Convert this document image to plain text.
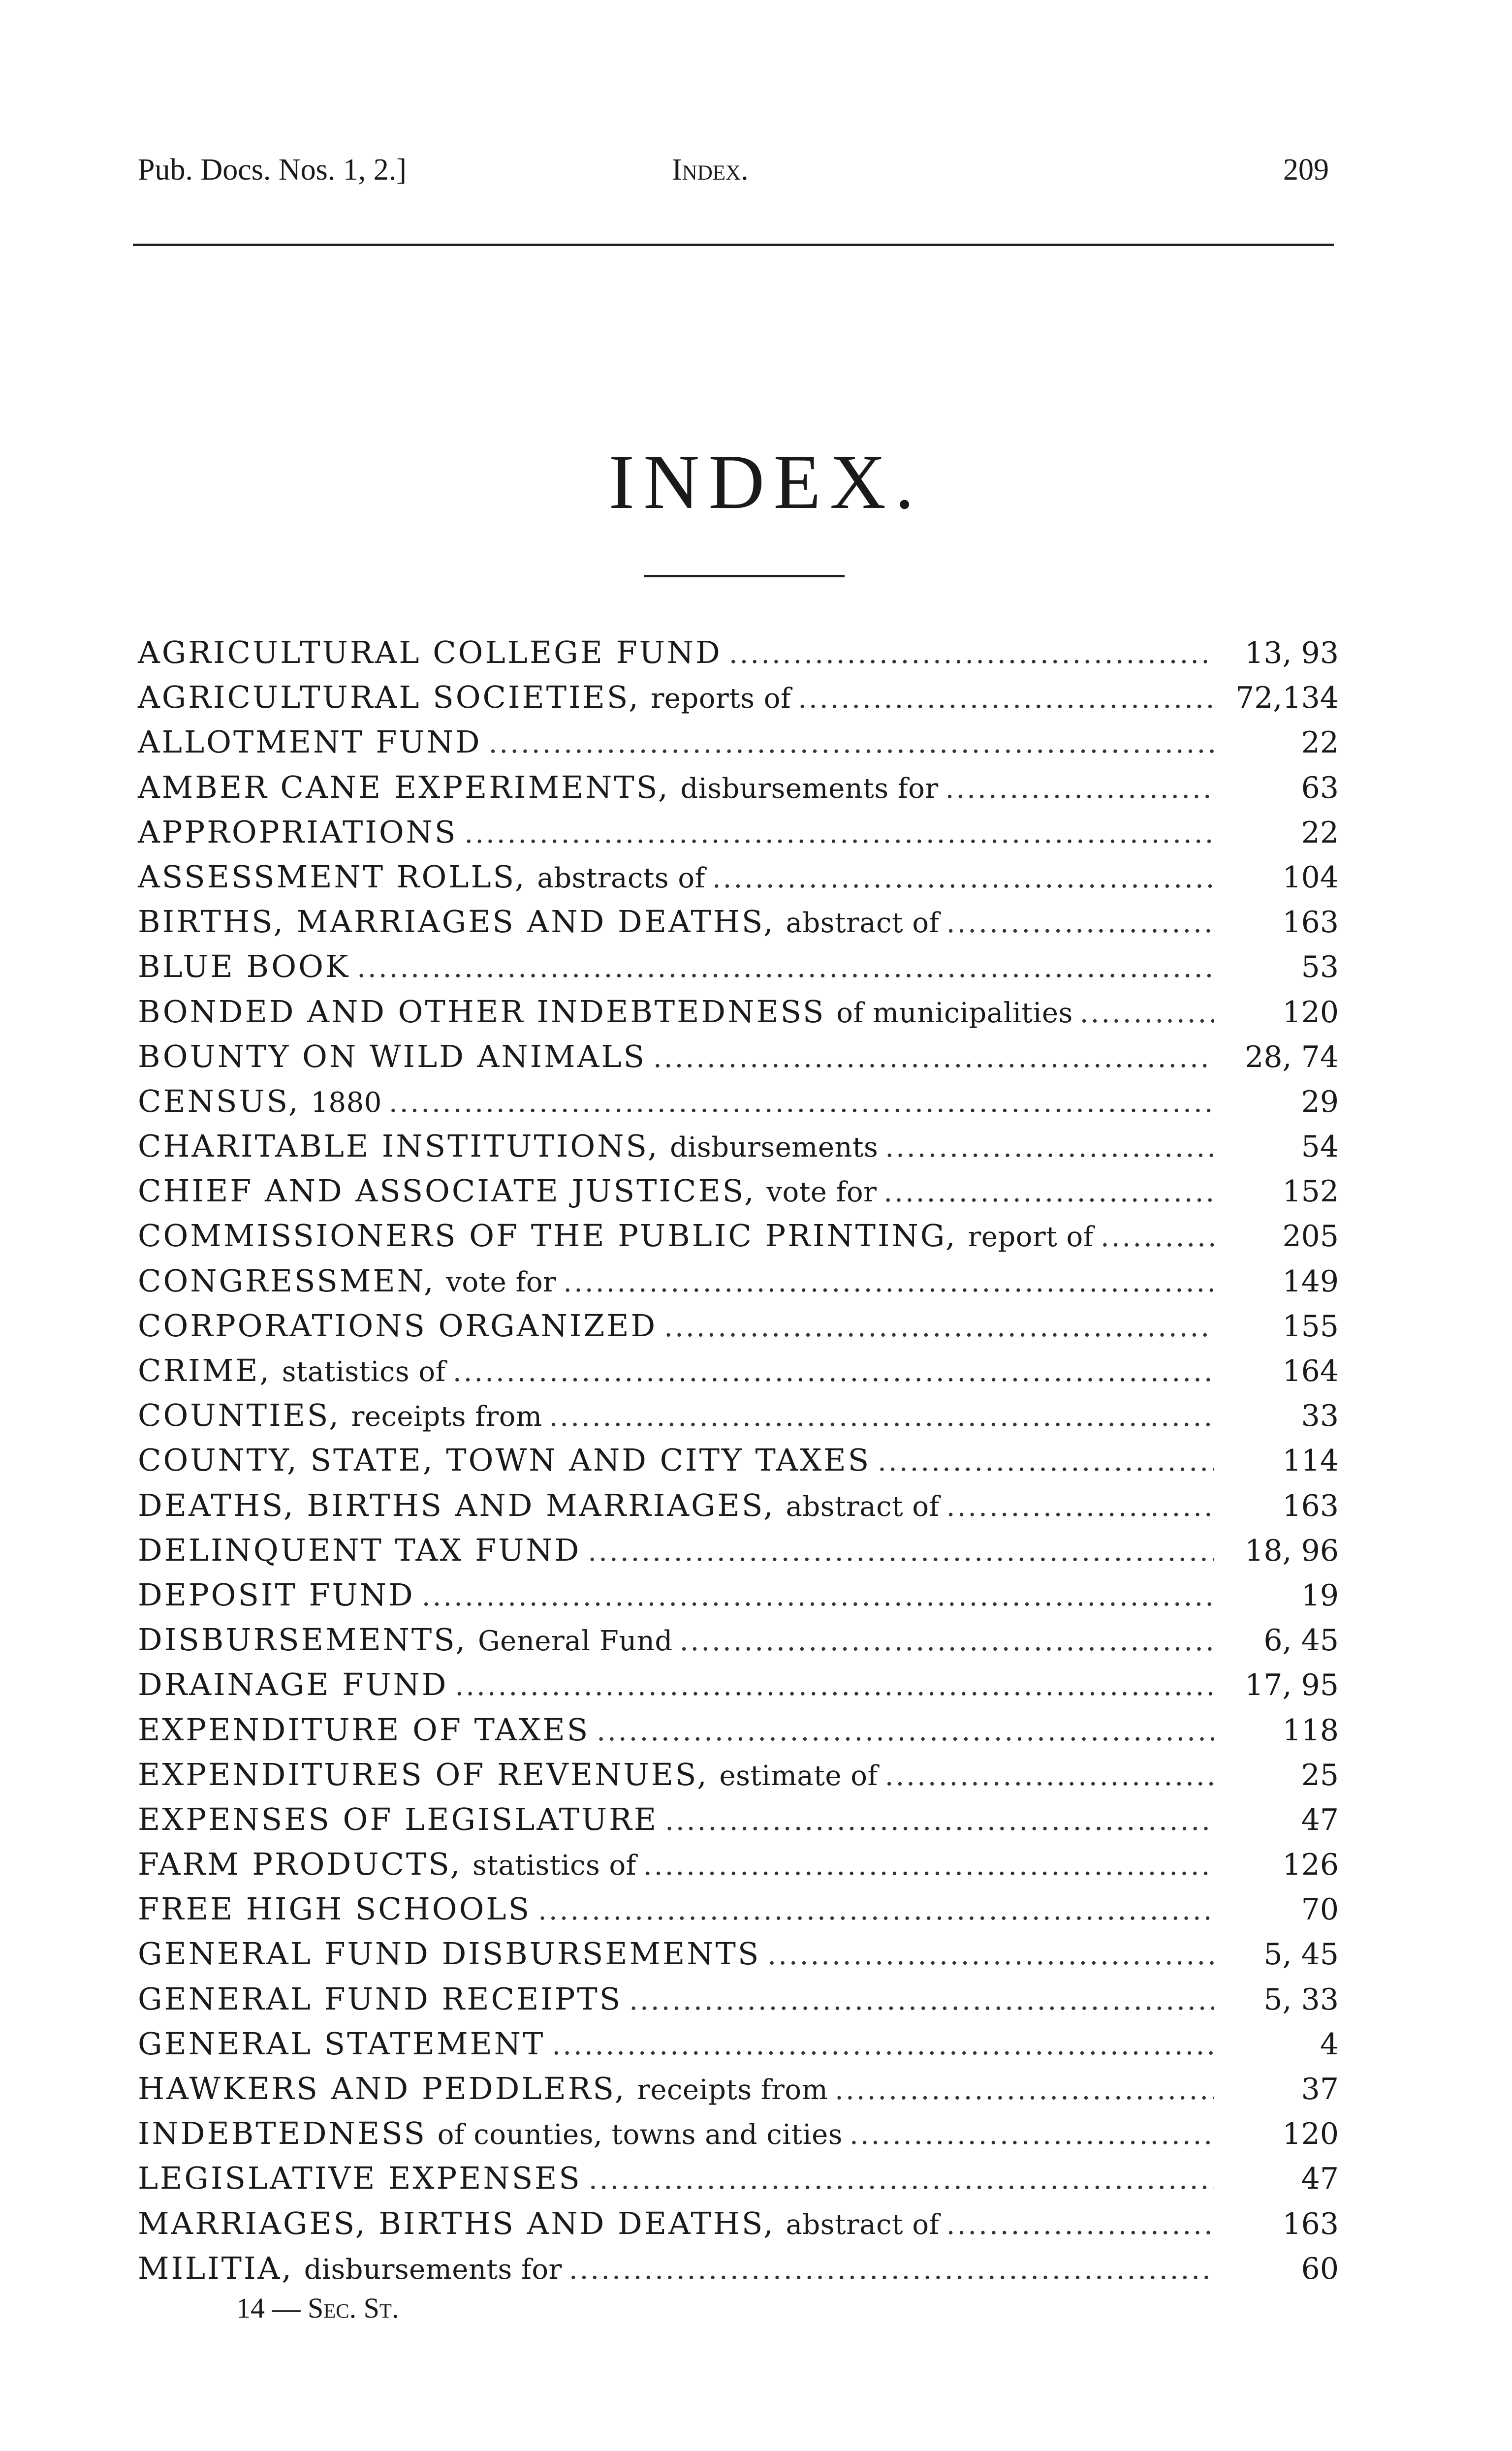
Pub. Docs. Nos. 1, 2.]	Index.	209
INDEX.
AGRICULTURAL COLLEGE FUND .....	13, 93
AGRICULTURAL SOCIETIES, reports of .....	72,134
ALLOTMENT FUND .....	22
AMBER CANE EXPERIMENTS, disbursements for .....	63
APPROPRIATIONS .....	22
ASSESSMENT ROLLS, abstracts of .....	104
BIRTHS, MARRIAGES AND DEATHS, abstract of .....	163
BLUE BOOK .....	53
BONDED AND OTHER INDEBTEDNESS of municipalities .....	120
BOUNTY ON WILD ANIMALS .....	28, 74
CENSUS, 1880 .....	29
CHARITABLE INSTITUTIONS, disbursements .....	54
CHIEF AND ASSOCIATE JUSTICES, vote for .....	152
COMMISSIONERS OF THE PUBLIC PRINTING, report of .....	205
CONGRESSMEN, vote for .....	149
CORPORATIONS ORGANIZED .....	155
CRIME, statistics of .....	164
COUNTIES, receipts from .....	33
COUNTY, STATE, TOWN AND CITY TAXES .....	114
DEATHS, BIRTHS AND MARRIAGES, abstract of .....	163
DELINQUENT TAX FUND .....	18, 96
DEPOSIT FUND .....	19
DISBURSEMENTS, General Fund .....	6, 45
DRAINAGE FUND .....	17, 95
EXPENDITURE OF TAXES .....	118
EXPENDITURES OF REVENUES, estimate of .....	25
EXPENSES OF LEGISLATURE .....	47
FARM PRODUCTS, statistics of .....	126
FREE HIGH SCHOOLS .....	70
GENERAL FUND DISBURSEMENTS .....	5, 45
GENERAL FUND RECEIPTS .....	5, 33
GENERAL STATEMENT .....	4
HAWKERS AND PEDDLERS, receipts from .....	37
INDEBTEDNESS of counties, towns and cities .....	120
LEGISLATIVE EXPENSES .....	47
MARRIAGES, BIRTHS AND DEATHS, abstract of .....	163
MILITIA, disbursements for .....	60
14 — Sec. St.
